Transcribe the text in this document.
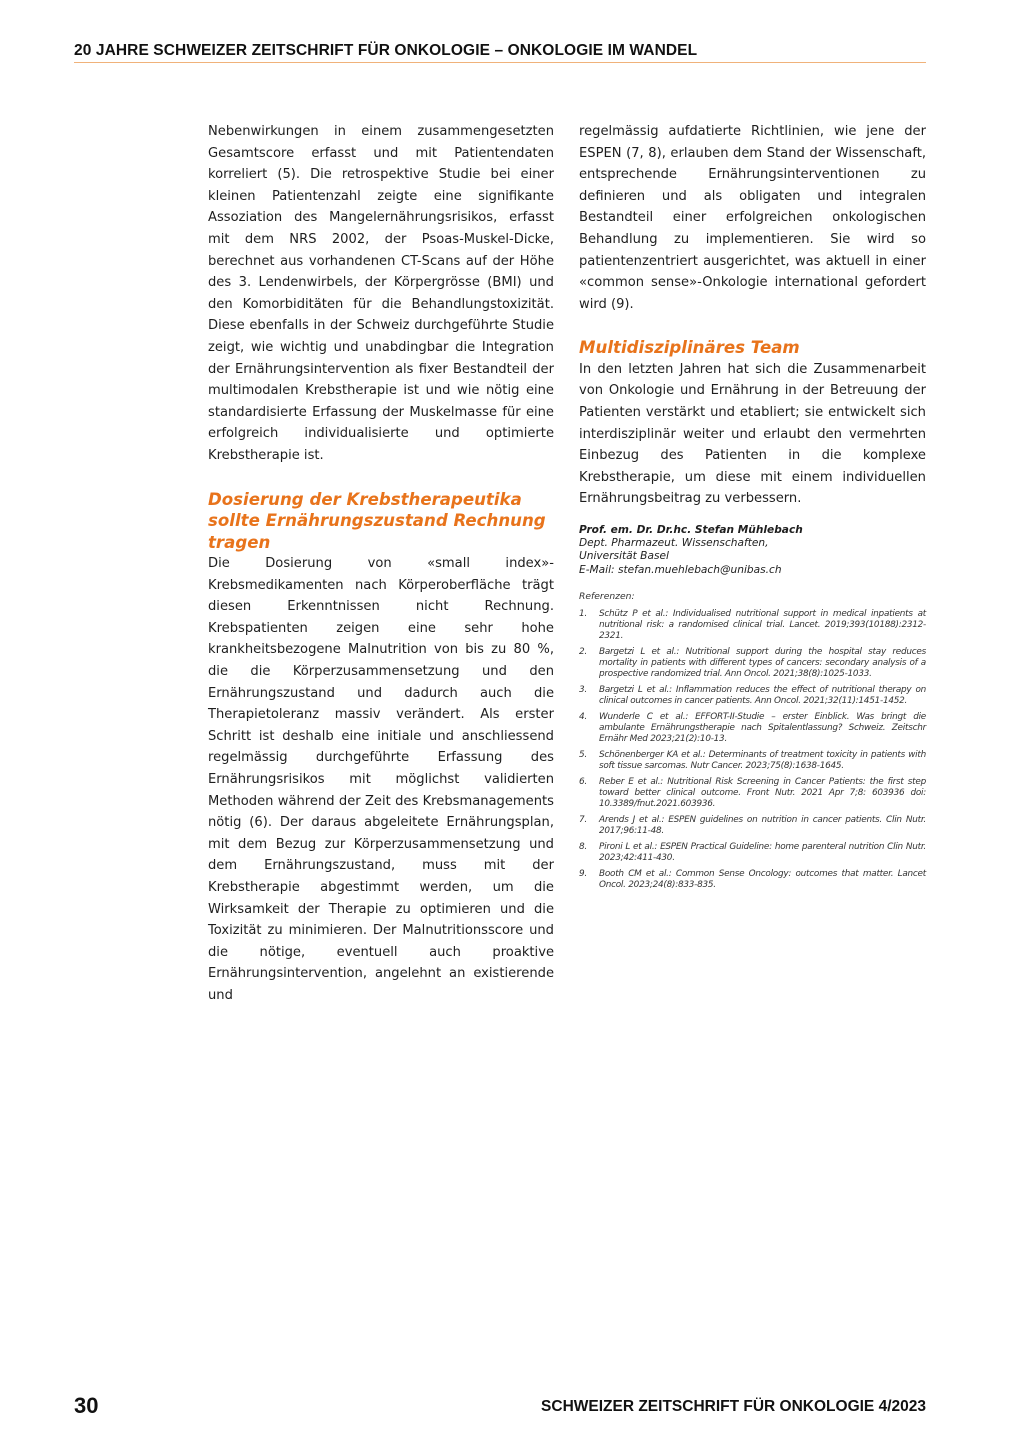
20 JAHRE SCHWEIZER ZEITSCHRIFT FÜR ONKOLOGIE – ONKOLOGIE IM WANDEL

Nebenwirkungen in einem zusammengesetzten Gesamtscore erfasst und mit Patientendaten korreliert (5). Die retrospektive Studie bei einer kleinen Patientenzahl zeigte eine signifikante Assoziation des Mangelernährungsrisikos, erfasst mit dem NRS 2002, der Psoas-Muskel-Dicke, berechnet aus vorhandenen CT-Scans auf der Höhe des 3. Lendenwirbels, der Körpergrösse (BMI) und den Komorbiditäten für die Behandlungstoxizität. Diese ebenfalls in der Schweiz durchgeführte Studie zeigt, wie wichtig und unabdingbar die Integration der Ernährungsintervention als fixer Bestandteil der multimodalen Krebstherapie ist und wie nötig eine standardisierte Erfassung der Muskelmasse für eine erfolgreich individualisierte und optimierte Krebstherapie ist.

Dosierung der Krebstherapeutika sollte Ernährungszustand Rechnung tragen

Die Dosierung von «small index»-Krebsmedikamenten nach Körperoberfläche trägt diesen Erkenntnissen nicht Rechnung. Krebspatienten zeigen eine sehr hohe krankheitsbezogene Malnutrition von bis zu 80 %, die die Körperzusammensetzung und den Ernährungszustand und dadurch auch die Therapietoleranz massiv verändert. Als erster Schritt ist deshalb eine initiale und anschliessend regelmässig durchgeführte Erfassung des Ernährungsrisikos mit möglichst validierten Methoden während der Zeit des Krebsmanagements nötig (6). Der daraus abgeleitete Ernährungsplan, mit dem Bezug zur Körperzusammensetzung und dem Ernährungszustand, muss mit der Krebstherapie abgestimmt werden, um die Wirksamkeit der Therapie zu optimieren und die Toxizität zu minimieren. Der Malnutritionsscore und die nötige, eventuell auch proaktive Ernährungsintervention, angelehnt an existierende und

regelmässig aufdatierte Richtlinien, wie jene der ESPEN (7, 8), erlauben dem Stand der Wissenschaft, entsprechende Ernährungsinterventionen zu definieren und als obligaten und integralen Bestandteil einer erfolgreichen onkologischen Behandlung zu implementieren. Sie wird so patientenzentriert ausgerichtet, was aktuell in einer «common sense»-Onkologie international gefordert wird (9).

Multidisziplinäres Team

In den letzten Jahren hat sich die Zusammenarbeit von Onkologie und Ernährung in der Betreuung der Patienten verstärkt und etabliert; sie entwickelt sich interdisziplinär weiter und erlaubt den vermehrten Einbezug des Patienten in die komplexe Krebstherapie, um diese mit einem individuellen Ernährungsbeitrag zu verbessern.

Prof. em. Dr. Dr.hc. Stefan Mühlebach
Dept. Pharmazeut. Wissenschaften,
Universität Basel
E-Mail: stefan.muehlebach@unibas.ch
Referenzen:
1.	Schütz P et al.: Individualised nutritional support in medical inpatients at nutritional risk: a randomised clinical trial. Lancet. 2019;393(10188):2312-2321.
2.	Bargetzi L et al.: Nutritional support during the hospital stay reduces mortality in patients with different types of cancers: secondary analysis of a prospective randomized trial. Ann Oncol. 2021;38(8):1025-1033.
3.	Bargetzi L et al.: Inflammation reduces the effect of nutritional therapy on clinical outcomes in cancer patients. Ann Oncol. 2021;32(11):1451-1452.
4.	Wunderle C et al.: EFFORT-II-Studie – erster Einblick. Was bringt die ambulante Ernährungstherapie nach Spitalentlassung? Schweiz. Zeitschr Ernähr Med 2023;21(2):10-13.
5.	Schönenberger KA et al.: Determinants of treatment toxicity in patients with soft tissue sarcomas. Nutr Cancer. 2023;75(8):1638-1645.
6.	Reber E et al.: Nutritional Risk Screening in Cancer Patients: the first step toward better clinical outcome. Front Nutr. 2021 Apr 7;8: 603936 doi: 10.3389/fnut.2021.603936.
7.	Arends J et al.: ESPEN guidelines on nutrition in cancer patients. Clin Nutr. 2017;96:11-48.
8.	Pironi L et al.: ESPEN Practical Guideline: home parenteral nutrition Clin Nutr. 2023;42:411-430.
9.	Booth CM et al.: Common Sense Oncology: outcomes that matter. Lancet Oncol. 2023;24(8):833-835.
30	SCHWEIZER ZEITSCHRIFT FÜR ONKOLOGIE 4/2023
